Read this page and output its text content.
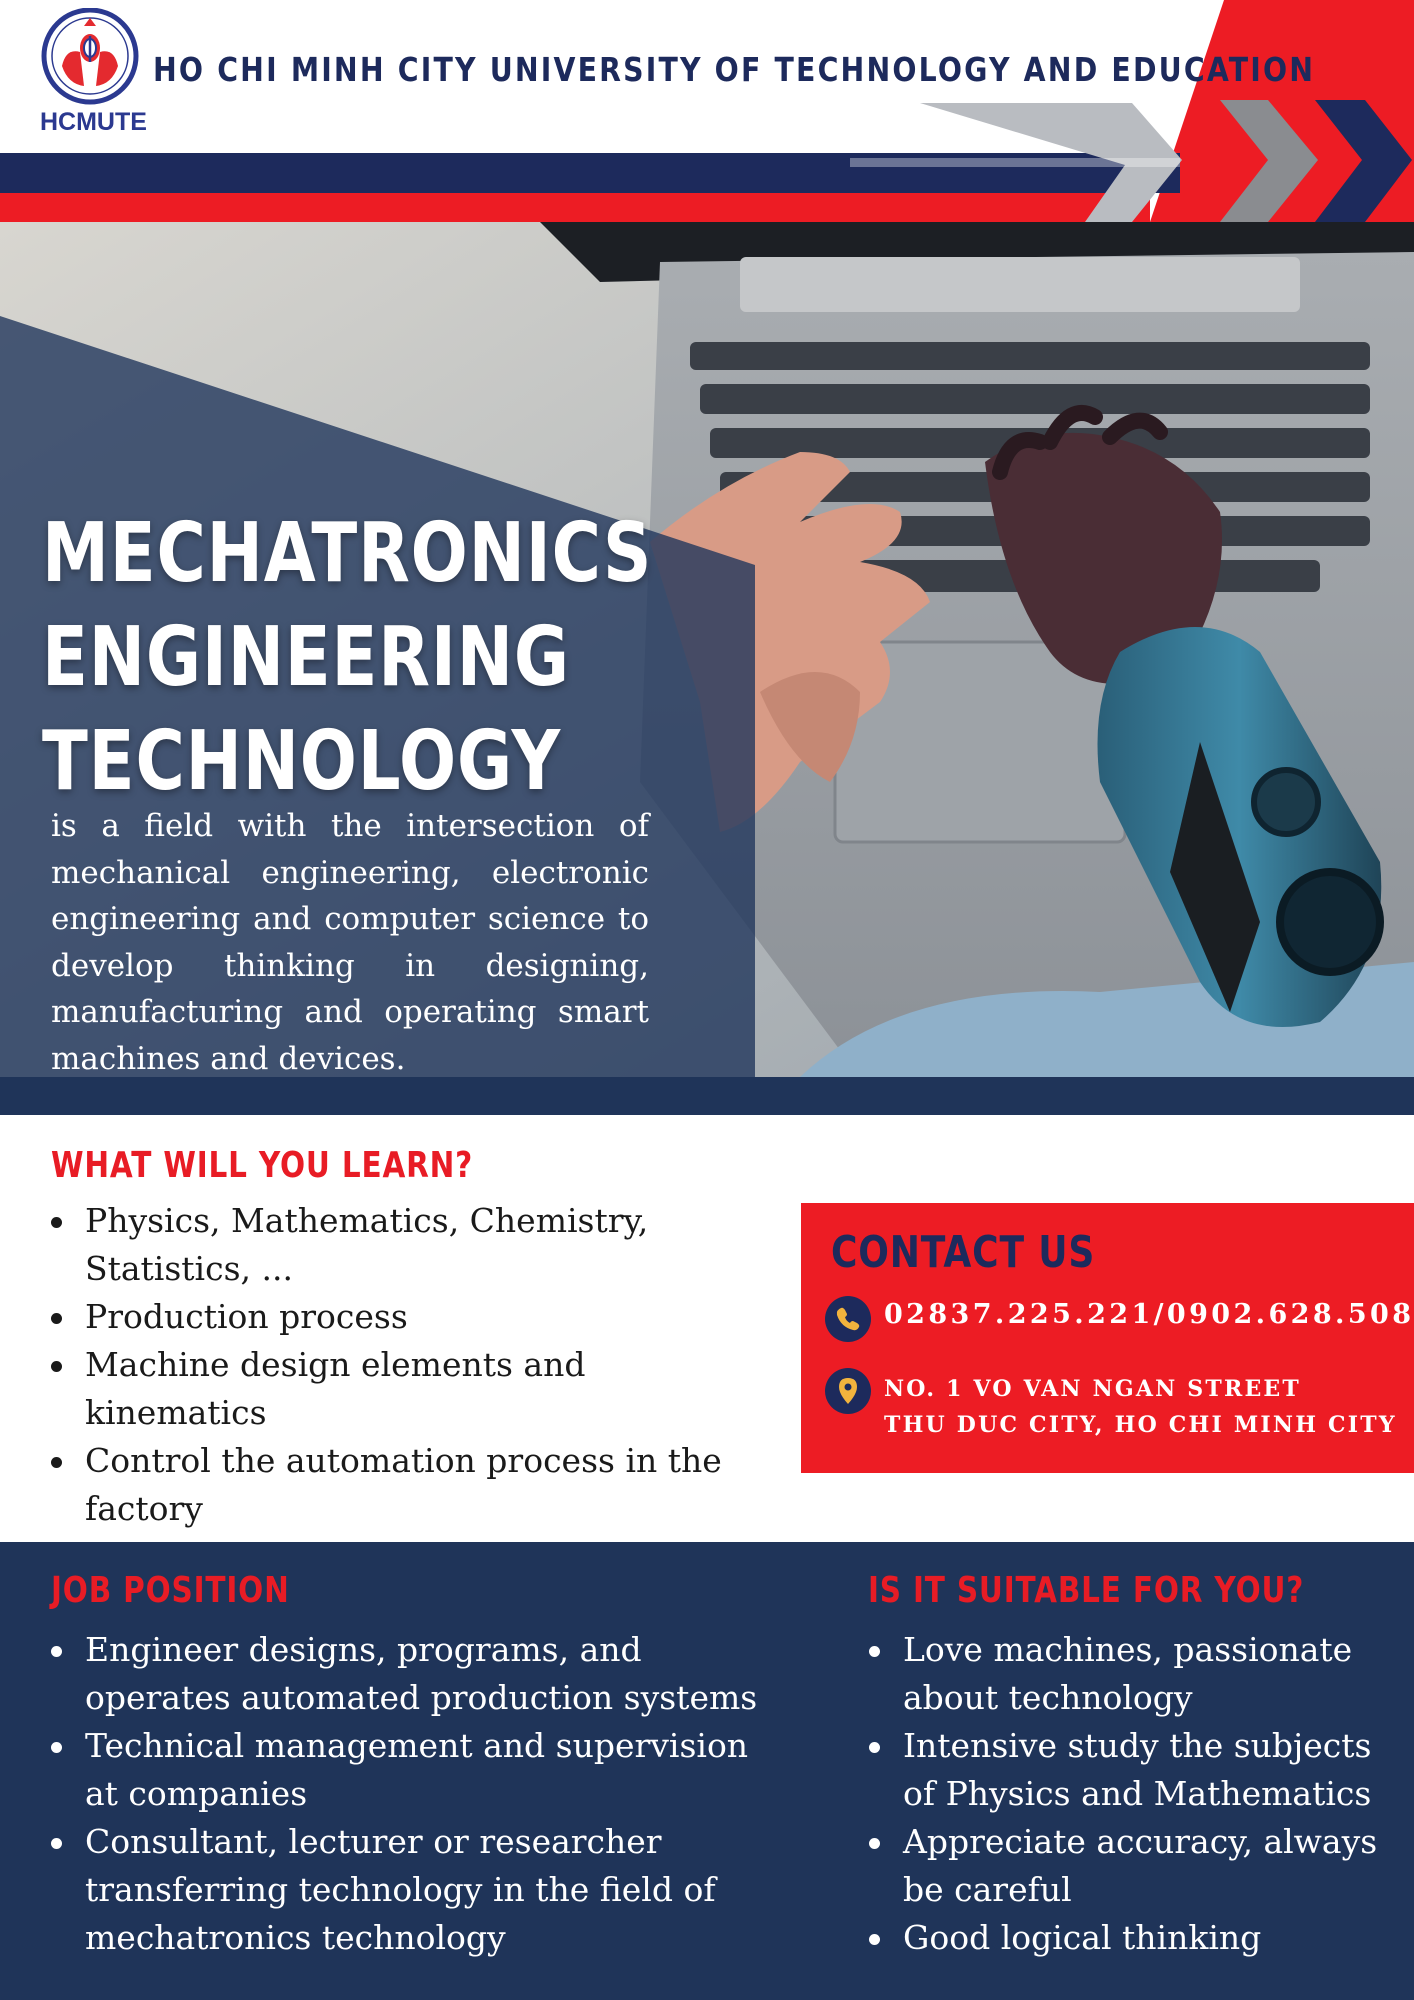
HCMUTE
HO CHI MINH CITY UNIVERSITY OF TECHNOLOGY AND EDUCATION
MECHATRONICS
ENGINEERING
TECHNOLOGY

is a field with the intersection of mechanical engineering, electronic engineering and computer science to develop thinking in designing, manufacturing and operating smart machines and devices.

WHAT WILL YOU LEARN?
Physics, Mathematics, Chemistry, Statistics, ...
Production process
Machine design elements and kinematics
Control the automation process in the factory
CONTACT US
02837.225.221/0902.628.508
NO. 1 VO VAN NGAN STREET
THU DUC CITY, HO CHI MINH CITY
JOB POSITION
Engineer designs, programs, and operates automated production systems
Technical management and supervision at companies
Consultant, lecturer or researcher transferring technology in the field of mechatronics technology
IS IT SUITABLE FOR YOU?
Love machines, passionate about technology
Intensive study the subjects of Physics and Mathematics
Appreciate accuracy, always be careful
Good logical thinking
